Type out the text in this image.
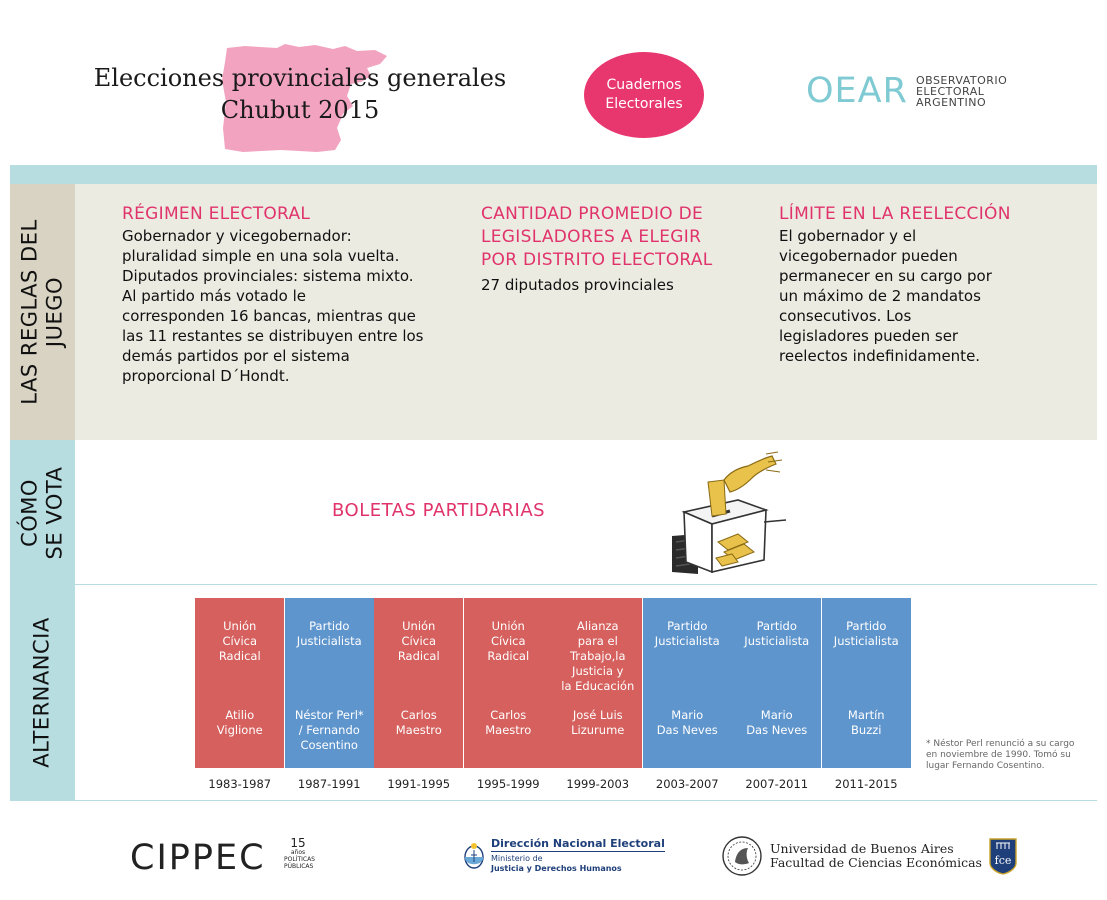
Elecciones provinciales generales
Chubut 2015
Cuadernos
Electorales	OEAR OBSERVATORIO
ELECTORAL
ARGENTINO
LAS REGLAS DEL JUEGO
CÓMO SE VOTA
ALTERNANCIA
RÉGIMEN ELECTORAL
Gobernador y vicegobernador:
pluralidad simple en una sola vuelta.
Diputados provinciales: sistema mixto.
Al partido más votado le
corresponden 16 bancas, mientras que
las 11 restantes se distribuyen entre los
demás partidos por el sistema
proporcional D´Hondt.
CANTIDAD PROMEDIO DE
LEGISLADORES A ELEGIR
POR DISTRITO ELECTORAL
27 diputados provinciales
LÍMITE EN LA REELECCIÓN
El gobernador y el
vicegobernador pueden
permanecer en su cargo por
un máximo de 2 mandatos
consecutivos. Los
legisladores pueden ser
reelectos indefinidamente.
BOLETAS PARTIDARIAS
Unión
Cívica
Radical
Atilio
Viglione
1983-1987
Partido
Justicialista
Néstor Perl*
/ Fernando
Cosentino
1987-1991
Unión
Cívica
Radical
Carlos
Maestro
1991-1995
Unión
Cívica
Radical
Carlos
Maestro
1995-1999
Alianza
para el
Trabajo,la
Justicia y
la Educación
José Luis
Lizurume
1999-2003
Partido
Justicialista
Mario
Das Neves
2003-2007
Partido
Justicialista
Mario
Das Neves
2007-2011
Partido
Justicialista
Martín
Buzzi
2011-2015
* Néstor Perl renunció a su cargo
en noviembre de 1990. Tomó su
lugar Fernando Cosentino.
CIPPEC	15
años
POLÍTICAS
PÚBLICAS
Dirección Nacional Electoral
Ministerio de
Justicia y Derechos Humanos
Universidad de Buenos Aires
Facultad de Ciencias Económicas fce
